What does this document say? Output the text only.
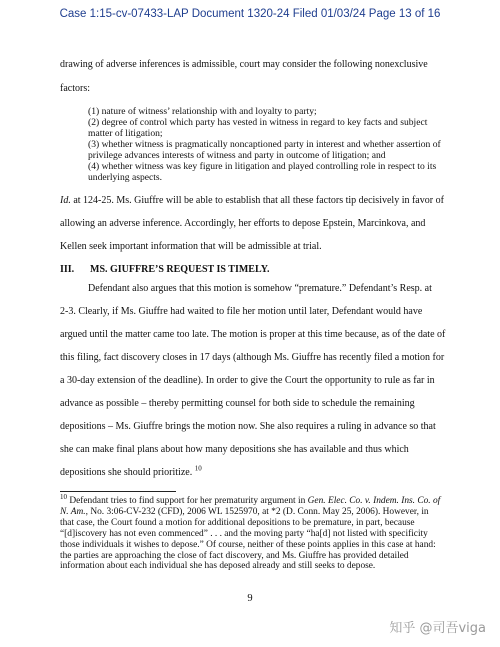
Case 1:15-cv-07433-LAP Document 1320-24 Filed 01/03/24 Page 13 of 16
drawing of adverse inferences is admissible, court may consider the following nonexclusive
factors:
(1) nature of witness’ relationship with and loyalty to party;
(2) degree of control which party has vested in witness in regard to key facts and subject matter of litigation;
(3) whether witness is pragmatically noncaptioned party in interest and whether assertion of privilege advances interests of witness and party in outcome of litigation; and
(4) whether witness was key figure in litigation and played controlling role in respect to its underlying aspects.
Id. at 124-25. Ms. Giuffre will be able to establish that all these factors tip decisively in favor of
allowing an adverse inference. Accordingly, her efforts to depose Epstein, Marcinkova, and
Kellen seek important information that will be admissible at trial.
III. MS. GIUFFRE’S REQUEST IS TIMELY.
Defendant also argues that this motion is somehow “premature.” Defendant’s Resp. at
2-3. Clearly, if Ms. Giuffre had waited to file her motion until later, Defendant would have
argued until the matter came too late. The motion is proper at this time because, as of the date of
this filing, fact discovery closes in 17 days (although Ms. Giuffre has recently filed a motion for
a 30-day extension of the deadline). In order to give the Court the opportunity to rule as far in
advance as possible – thereby permitting counsel for both side to schedule the remaining
depositions – Ms. Giuffre brings the motion now. She also requires a ruling in advance so that
she can make final plans about how many depositions she has available and thus which
depositions she should prioritize. $^{10}$
$^{10}$ Defendant tries to find support for her prematurity argument in Gen. Elec. Co. v. Indem. Ins. Co. of N. Am., No. 3:06-CV-232 (CFD), 2006 WL 1525970, at *2 (D. Conn. May 25, 2006). However, in that case, the Court found a motion for additional depositions to be premature, in part, because “[d]iscovery has not even commenced” . . . and the moving party “ha[d] not listed with specificity those individuals it wishes to depose.” Of course, neither of these points applies in this case at hand: the parties are approaching the close of fact discovery, and Ms. Giuffre has provided detailed information about each individual she has deposed already and still seeks to depose.
9
知乎 @司吾viga
